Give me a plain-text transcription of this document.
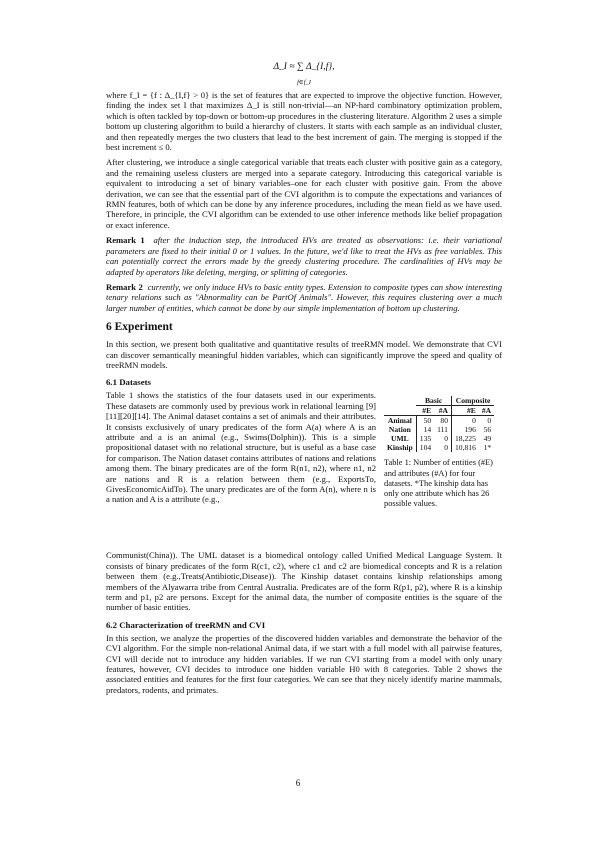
Δ_I ≈ ∑ Δ_{I,f},
f∈f_I

where f_I = {f : Δ_{I,f} > 0} is the set of features that are expected to improve the objective function. However, finding the index set I that maximizes Δ_I is still non-trivial—an NP-hard combinatory optimization problem, which is often tackled by top-down or bottom-up procedures in the clustering literature. Algorithm 2 uses a simple bottom up clustering algorithm to build a hierarchy of clusters. It starts with each sample as an individual cluster, and then repeatedly merges the two clusters that lead to the best increment of gain. The merging is stopped if the best increment ≤ 0.

After clustering, we introduce a single categorical variable that treats each cluster with positive gain as a category, and the remaining useless clusters are merged into a separate category. Introducing this categorical variable is equivalent to introducing a set of binary variables–one for each cluster with positive gain. From the above derivation, we can see that the essential part of the CVI algorithm is to compute the expectations and variances of RMN features, both of which can be done by any inference procedures, including the mean field as we have used. Therefore, in principle, the CVI algorithm can be extended to use other inference methods like belief propagation or exact inference.

Remark 1 after the induction step, the introduced HVs are treated as observations: i.e. their variational parameters are fixed to their initial 0 or 1 values. In the future, we'd like to treat the HVs as free variables. This can potentially correct the errors made by the greedy clustering procedure. The cardinalities of HVs may be adapted by operators like deleting, merging, or splitting of categories.

Remark 2 currently, we only induce HVs to basic entity types. Extension to composite types can show interesting tenary relations such as "Abnormality can be PartOf Animals". However, this requires clustering over a much larger number of entities, which cannot be done by our simple implementation of bottom up clustering.

6 Experiment

In this section, we present both qualitative and quantitative results of treeRMN model. We demonstrate that CVI can discover semantically meaningful hidden variables, which can significantly improve the speed and quality of treeRMN models.

6.1 Datasets

Table 1 shows the statistics of the four datasets used in our experiments. These datasets are commonly used by previous work in relational learning [9][11][20][14]. The Animal dataset contains a set of animals and their attributes. It consists exclusively of unary predicates of the form A(a) where A is an attribute and a is an animal (e.g., Swims(Dolphin)). This is a simple propositional dataset with no relational structure, but is useful as a base case for comparison. The Nation dataset contains attributes of nations and relations among them. The binary predicates are of the form R(n1, n2), where n1, n2 are nations and R is a relation between them (e.g., ExportsTo, GivesEconomicAidTo). The unary predicates are of the form A(n), where n is a nation and A is a attribute (e.g.,

	Basic		Composite	
	#E	#A	#E	#A
Animal	50	80	0	0
Nation	14	111	196	56
UML	135	0	18,225	49
Kinship	104	0	10,816	1*
Table 1: Number of entities (#E) and attributes (#A) for four datasets. *The kinship data has only one attribute which has 26 possible values.

Communist(China)). The UML dataset is a biomedical ontology called Unified Medical Language System. It consists of binary predicates of the form R(c1, c2), where c1 and c2 are biomedical concepts and R is a relation between them (e.g.,Treats(Antibiotic,Disease)). The Kinship dataset contains kinship relationships among members of the Alyawarra tribe from Central Australia. Predicates are of the form R(p1, p2), where R is a kinship term and p1, p2 are persons. Except for the animal data, the number of composite entities is the square of the number of basic entities.

6.2 Characterization of treeRMN and CVI

In this section, we analyze the properties of the discovered hidden variables and demonstrate the behavior of the CVI algorithm. For the simple non-relational Animal data, if we start with a full model with all pairwise features, CVI will decide not to introduce any hidden variables. If we run CVI starting from a model with only unary features, however, CVI decides to introduce one hidden variable H0 with 8 categories. Table 2 shows the associated entities and features for the first four categories. We can see that they nicely identify marine mammals, predators, rodents, and primates.

6
